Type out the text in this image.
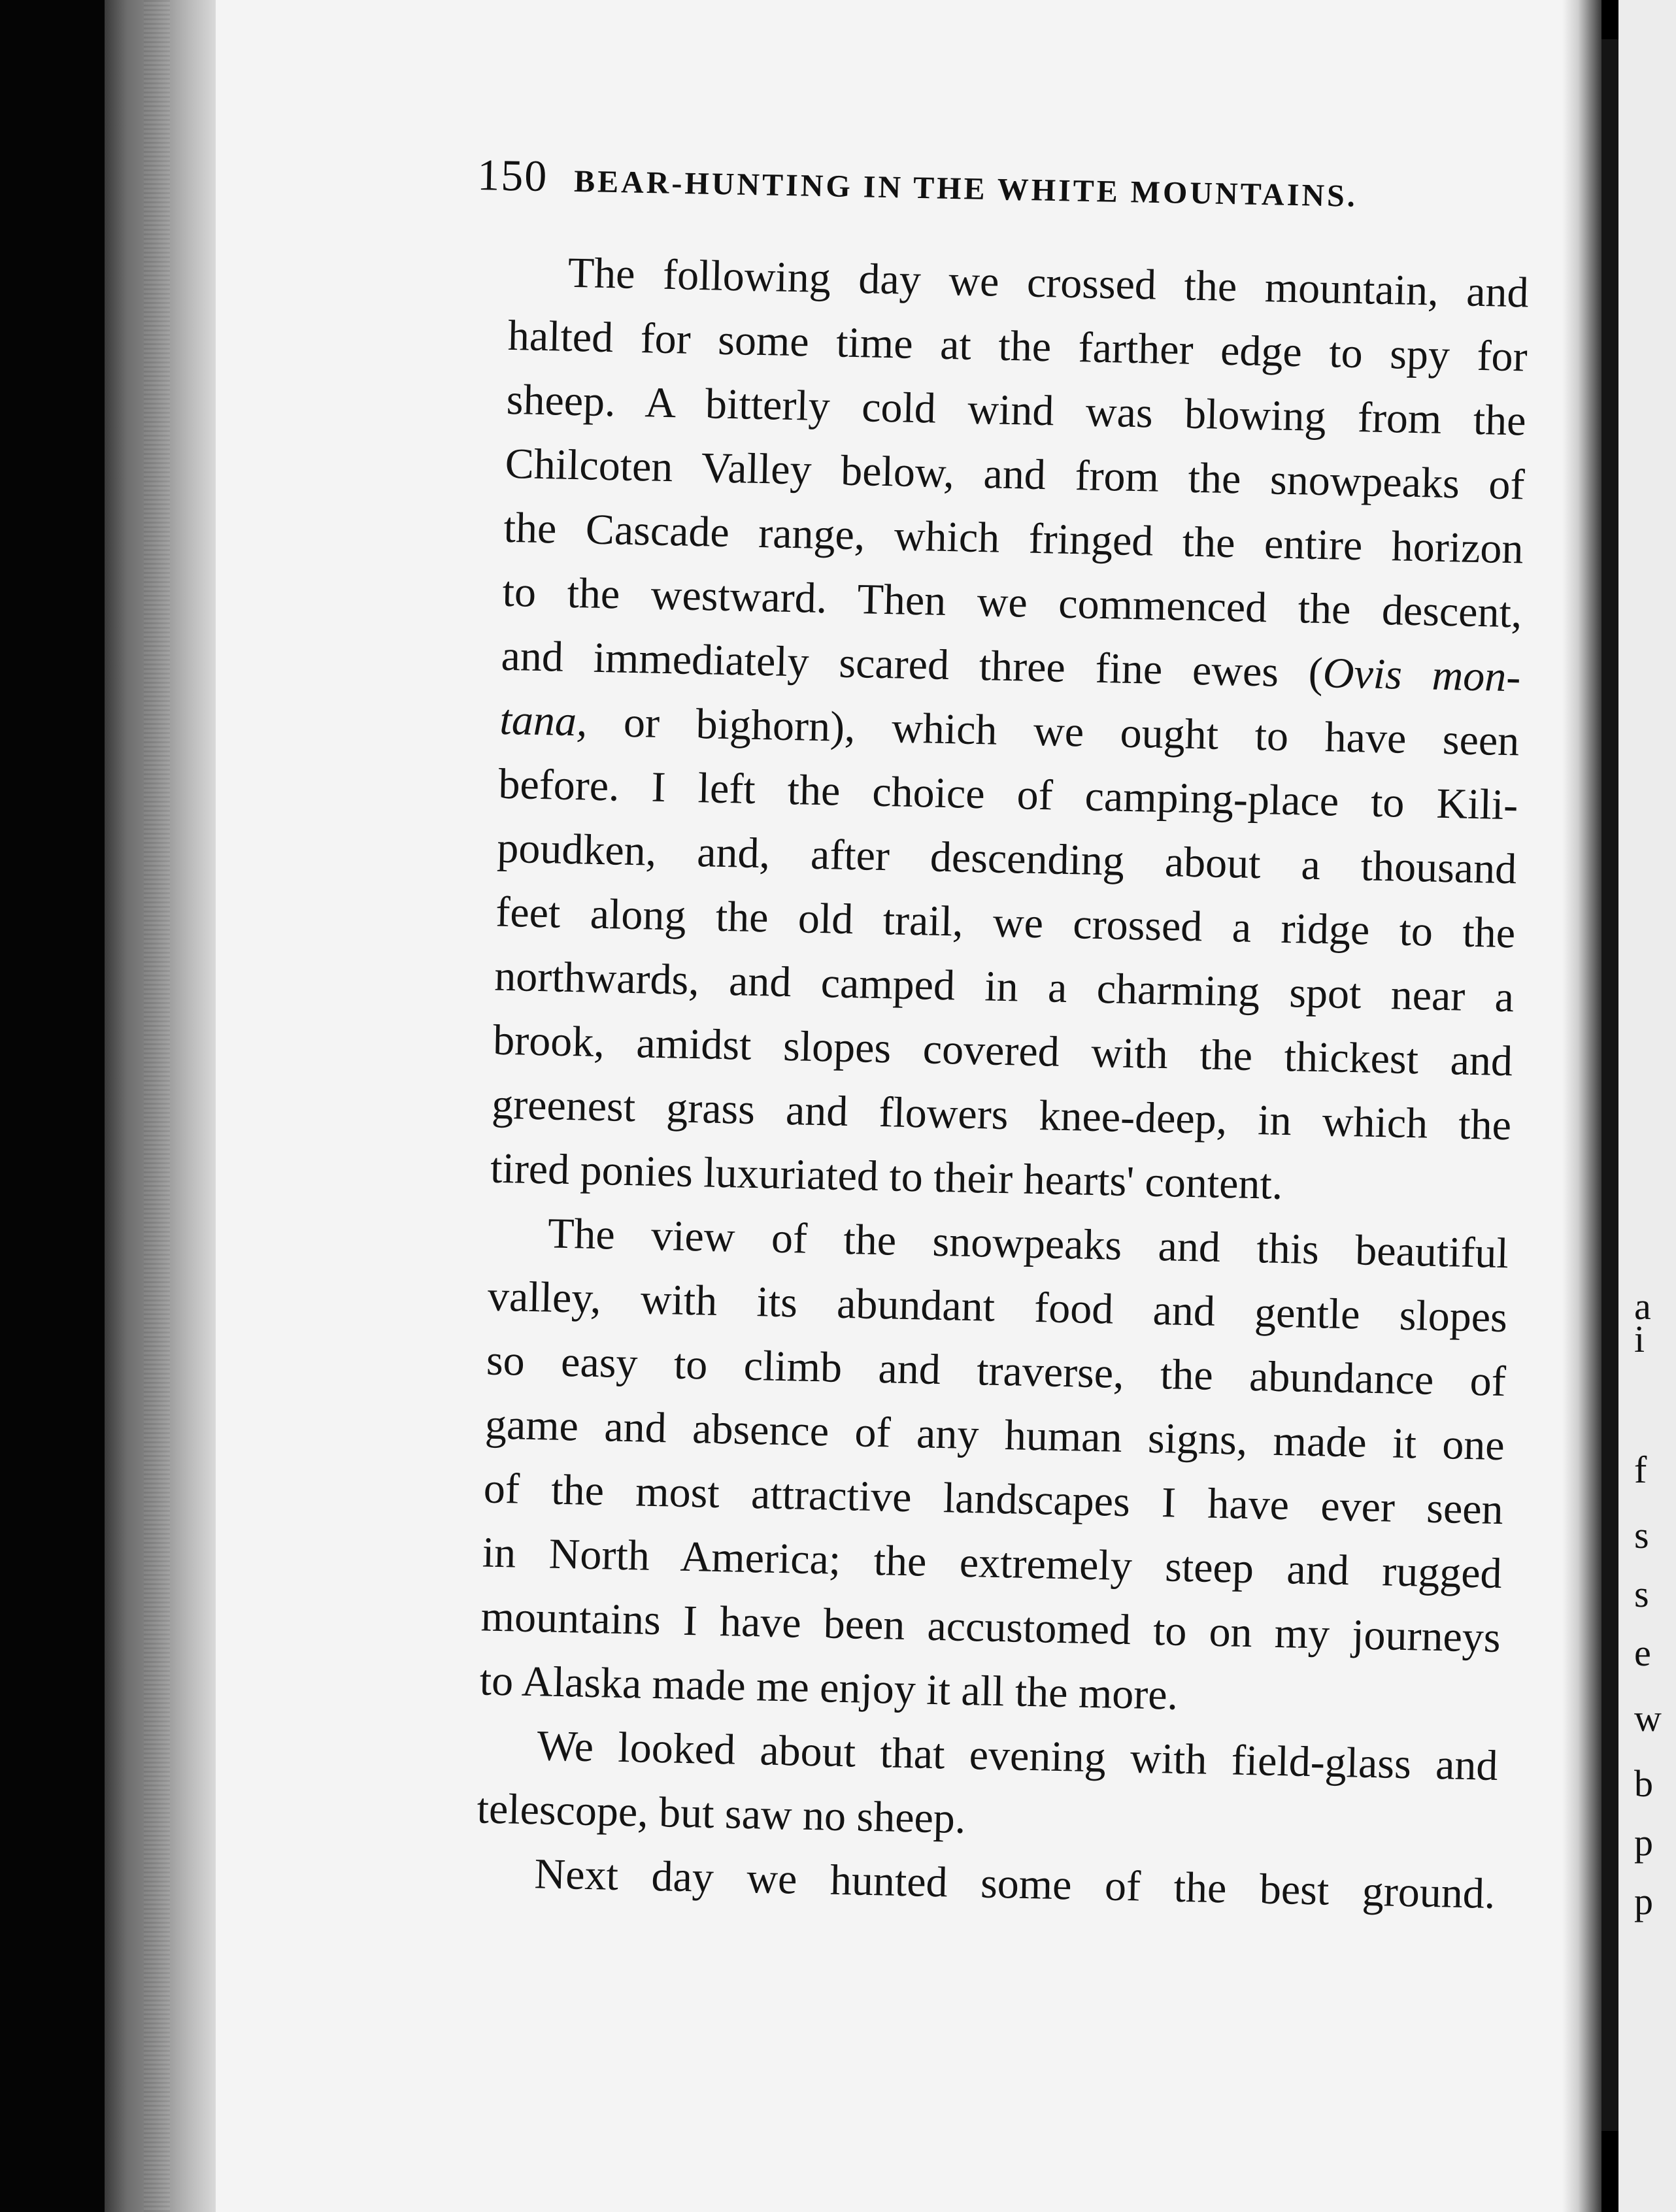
a
i
f
s
s
e
w
b
p
p
150 BEAR-HUNTING IN THE WHITE MOUNTAINS.
The following day we crossed the mountain, and
halted for some time at the farther edge to spy for
sheep. A bitterly cold wind was blowing from the
Chilcoten Valley below, and from the snowpeaks of
the Cascade range, which fringed the entire horizon
to the westward. Then we commenced the descent,
and immediately scared three fine ewes (Ovis mon-
tana, or bighorn), which we ought to have seen
before. I left the choice of camping-place to Kili-
poudken, and, after descending about a thousand
feet along the old trail, we crossed a ridge to the
northwards, and camped in a charming spot near a
brook, amidst slopes covered with the thickest and
greenest grass and flowers knee-deep, in which the
tired ponies luxuriated to their hearts' content.
The view of the snowpeaks and this beautiful
valley, with its abundant food and gentle slopes
so easy to climb and traverse, the abundance of
game and absence of any human signs, made it one
of the most attractive landscapes I have ever seen
in North America; the extremely steep and rugged
mountains I have been accustomed to on my journeys
to Alaska made me enjoy it all the more.
We looked about that evening with field-glass and
telescope, but saw no sheep.
Next day we hunted some of the best ground.
